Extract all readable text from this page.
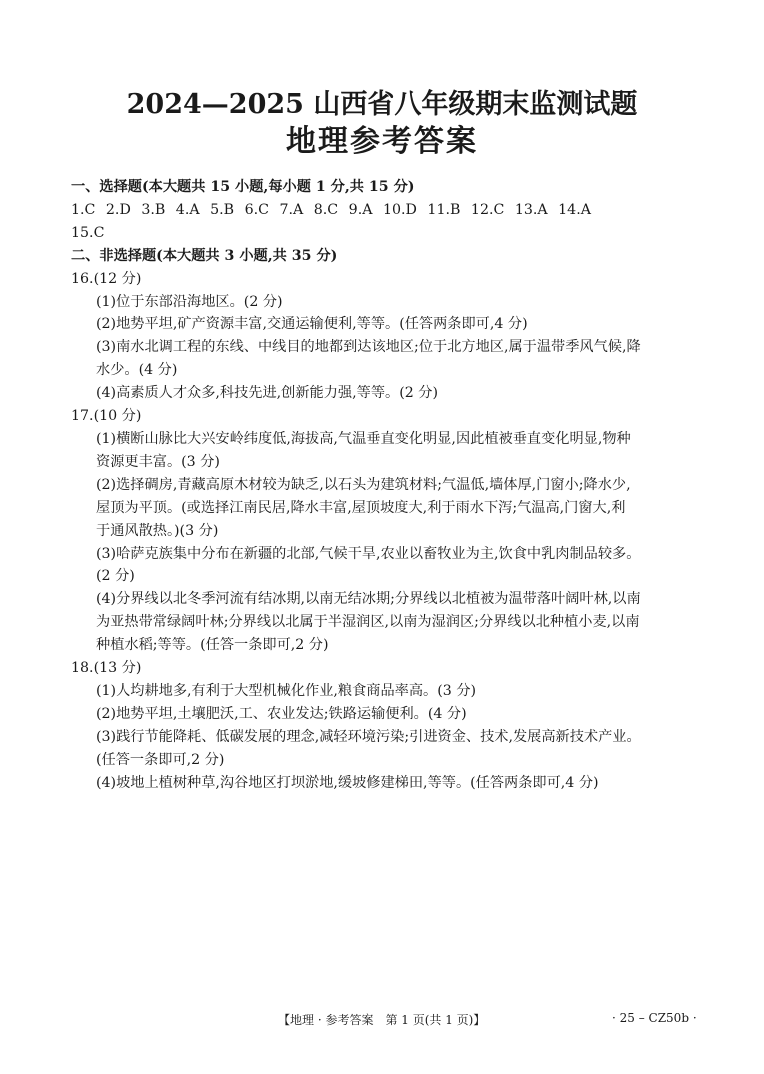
2024—2025 山西省八年级期末监测试题
地理参考答案
一、选择题(本大题共 15 小题,每小题 1 分,共 15 分)
1.C 2.D 3.B 4.A 5.B 6.C 7.A 8.C 9.A 10.D 11.B 12.C 13.A 14.A
15.C
二、非选择题(本大题共 3 小题,共 35 分)
16.(12 分)
(1)位于东部沿海地区。(2 分)
(2)地势平坦,矿产资源丰富,交通运输便利,等等。(任答两条即可,4 分)
(3)南水北调工程的东线、中线目的地都到达该地区;位于北方地区,属于温带季风气候,降
水少。(4 分)
(4)高素质人才众多,科技先进,创新能力强,等等。(2 分)
17.(10 分)
(1)横断山脉比大兴安岭纬度低,海拔高,气温垂直变化明显,因此植被垂直变化明显,物种
资源更丰富。(3 分)
(2)选择碉房,青藏高原木材较为缺乏,以石头为建筑材料;气温低,墙体厚,门窗小;降水少,
屋顶为平顶。(或选择江南民居,降水丰富,屋顶坡度大,利于雨水下泻;气温高,门窗大,利
于通风散热。)(3 分)
(3)哈萨克族集中分布在新疆的北部,气候干旱,农业以畜牧业为主,饮食中乳肉制品较多。
(2 分)
(4)分界线以北冬季河流有结冰期,以南无结冰期;分界线以北植被为温带落叶阔叶林,以南
为亚热带常绿阔叶林;分界线以北属于半湿润区,以南为湿润区;分界线以北种植小麦,以南
种植水稻;等等。(任答一条即可,2 分)
18.(13 分)
(1)人均耕地多,有利于大型机械化作业,粮食商品率高。(3 分)
(2)地势平坦,土壤肥沃,工、农业发达;铁路运输便利。(4 分)
(3)践行节能降耗、低碳发展的理念,减轻环境污染;引进资金、技术,发展高新技术产业。
(任答一条即可,2 分)
(4)坡地上植树种草,沟谷地区打坝淤地,缓坡修建梯田,等等。(任答两条即可,4 分)
【地理 · 参考答案　第 1 页(共 1 页)】	· 25 – CZ50b ·
